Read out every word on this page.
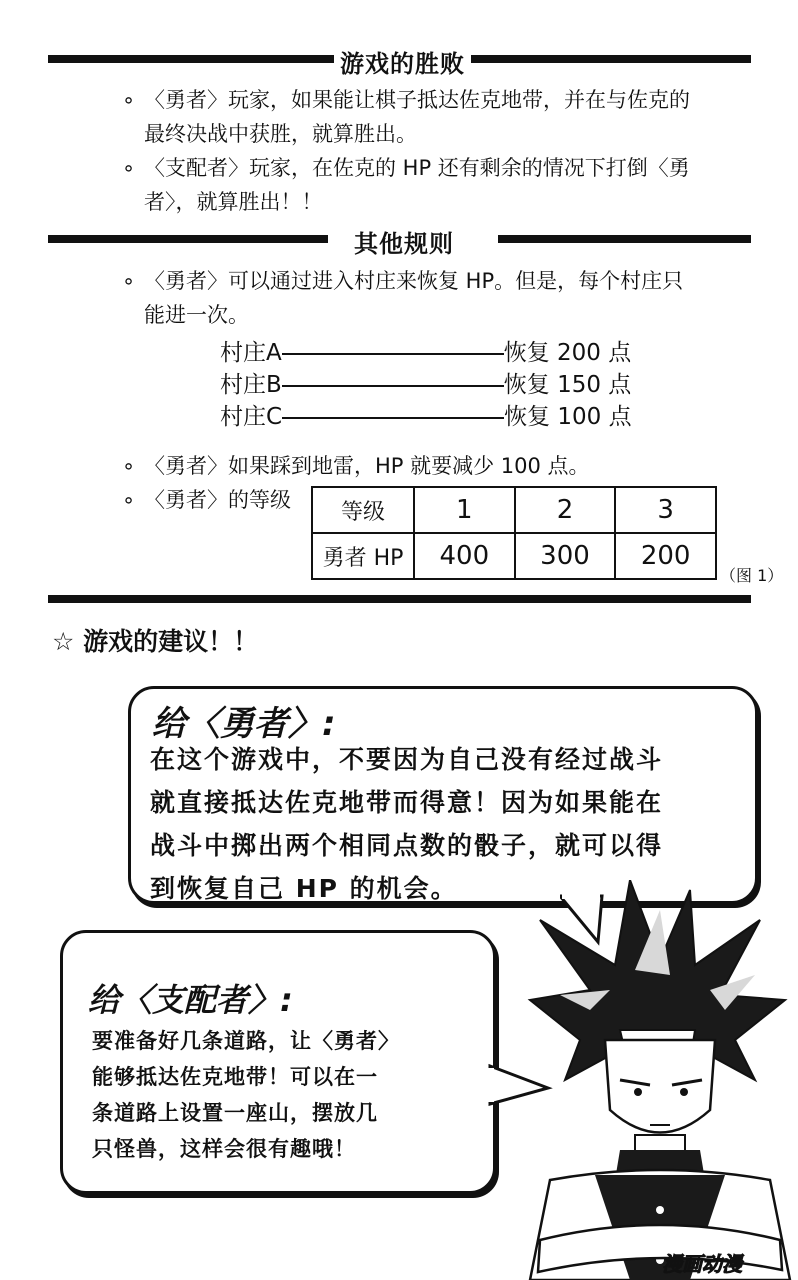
游戏的胜败
∘ 〈勇者〉玩家，如果能让棋子抵达佐克地带，并在与佐克的
最终决战中获胜，就算胜出。
∘ 〈支配者〉玩家，在佐克的 HP 还有剩余的情况下打倒〈勇
者〉，就算胜出！！
其他规则
∘ 〈勇者〉可以通过进入村庄来恢复 HP。但是，每个村庄只
能进一次。
村庄A	恢复 200 点
村庄B	恢复 150 点
村庄C	恢复 100 点
∘ 〈勇者〉如果踩到地雷，HP 就要减少 100 点。
∘ 〈勇者〉的等级 等级	1	2	3
勇者 HP	400	300	200
（图 1）
☆ 游戏的建议！！
给〈勇者〉:
在这个游戏中，不要因为自己没有经过战斗
就直接抵达佐克地带而得意！因为如果能在
战斗中掷出两个相同点数的骰子，就可以得
到恢复自己 HP 的机会。
给〈支配者〉:
要准备好几条道路，让〈勇者〉
能够抵达佐克地带！可以在一
条道路上设置一座山，摆放几
只怪兽，这样会很有趣哦！
漫画动漫
